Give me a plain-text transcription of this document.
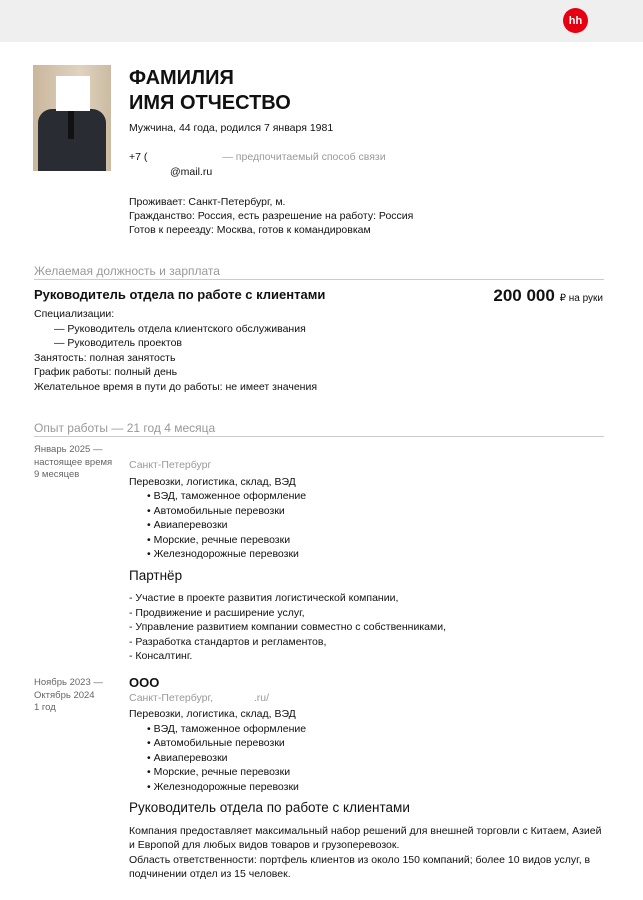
hh
ФАМИЛИЯ
ИМЯ ОТЧЕСТВО
Мужчина, 44 года, родился 7 января 1981
+7 (	— предпочитаемый способ связи
@mail.ru
Проживает: Санкт-Петербург, м.
Гражданство: Россия, есть разрешение на работу: Россия
Готов к переезду: Москва, готов к командировкам
Желаемая должность и зарплата
Руководитель отдела по работе с клиентами	200 000 ₽ на руки
Специализации:
— Руководитель отдела клиентского обслуживания
— Руководитель проектов
Занятость: полная занятость
График работы: полный день
Желательное время в пути до работы: не имеет значения
Опыт работы — 21 год 4 месяца
Январь 2025 —
настоящее время
9 месяцев
Санкт-Петербург
Перевозки, логистика, склад, ВЭД
• ВЭД, таможенное оформление
• Автомобильные перевозки
• Авиаперевозки
• Морские, речные перевозки
• Железнодорожные перевозки
Партнёр
- Участие в проекте развития логистической компании,
- Продвижение и расширение услуг,
- Управление развитием компании совместно с собственниками,
- Разработка стандартов и регламентов,
- Консалтинг.
Ноябрь 2023 —
Октябрь 2024
1 год
ООО
Санкт-Петербург,              .ru/
Перевозки, логистика, склад, ВЭД
• ВЭД, таможенное оформление
• Автомобильные перевозки
• Авиаперевозки
• Морские, речные перевозки
• Железнодорожные перевозки
Руководитель отдела по работе с клиентами
Компания предоставляет максимальный набор решений для внешней торговли с Китаем, Азией и Европой для любых видов товаров и грузоперевозок.
Область ответственности: портфель клиентов из около 150 компаний; более 10 видов услуг, в подчинении отдел из 15 человек.
